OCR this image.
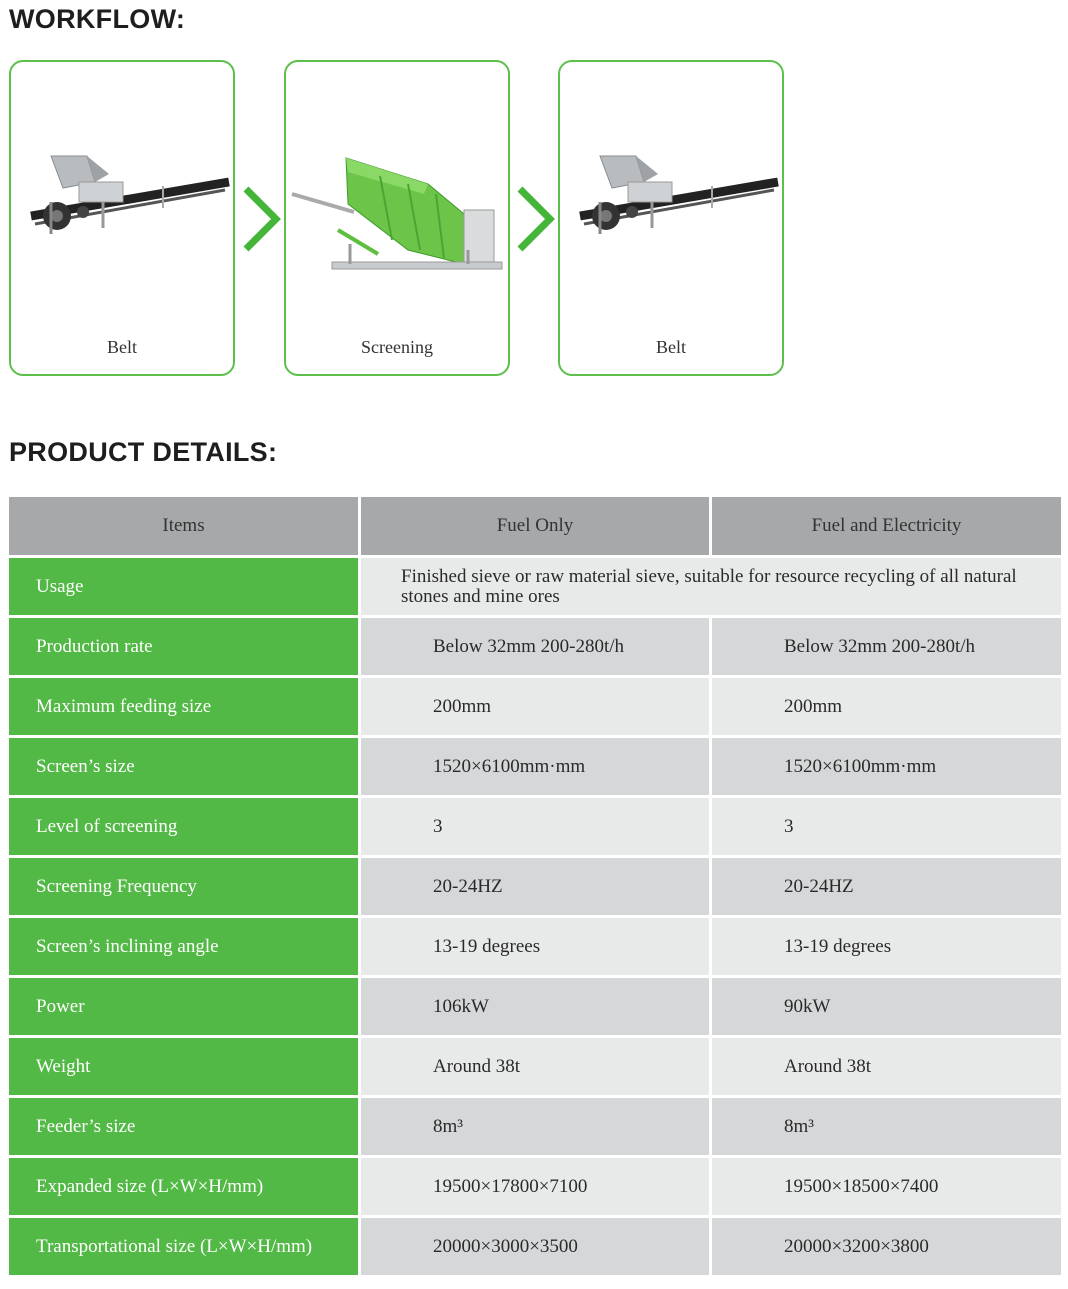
WORKFLOW:
Belt	Screening	Belt
PRODUCT DETAILS:
Items	Fuel Only	Fuel and Electricity
Usage	Finished sieve or raw material sieve, suitable for resource recycling of all natural stones and mine ores	
Production rate	Below 32mm 200-280t/h	Below 32mm 200-280t/h
Maximum feeding size	200mm	200mm
Screen’s size	1520×6100mm·mm	1520×6100mm·mm
Level of screening	3	3
Screening Frequency	20-24HZ	20-24HZ
Screen’s inclining angle	13-19 degrees	13-19 degrees
Power	106kW	90kW
Weight	Around 38t	Around 38t
Feeder’s size	8m³	8m³
Expanded size (L×W×H/mm)	19500×17800×7100	19500×18500×7400
Transportational size (L×W×H/mm)	20000×3000×3500	20000×3200×3800
